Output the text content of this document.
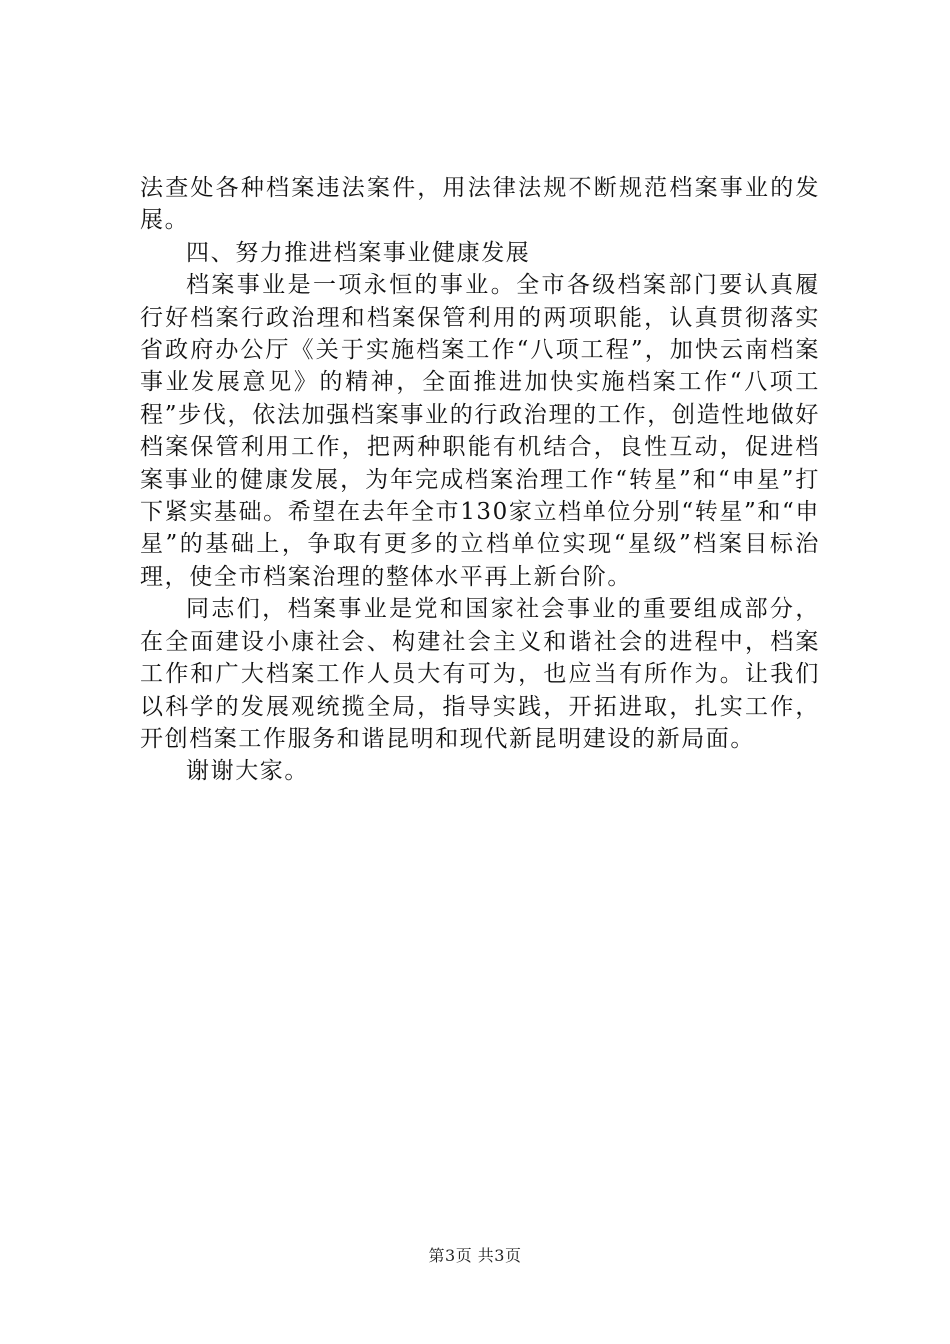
法查处各种档案违法案件，用法律法规不断规范档案事业的发展。

四、努力推进档案事业健康发展

档案事业是一项永恒的事业。全市各级档案部门要认真履行好档案行政治理和档案保管利用的两项职能，认真贯彻落实省政府办公厅《关于实施档案工作“八项工程”，加快云南档案事业发展意见》的精神，全面推进加快实施档案工作“八项工程”步伐，依法加强档案事业的行政治理的工作，创造性地做好档案保管利用工作，把两种职能有机结合，良性互动，促进档案事业的健康发展，为年完成档案治理工作“转星”和“申星”打下紧实基础。希望在去年全市130家立档单位分别“转星”和“申星”的基础上，争取有更多的立档单位实现“星级”档案目标治理，使全市档案治理的整体水平再上新台阶。

同志们，档案事业是党和国家社会事业的重要组成部分，在全面建设小康社会、构建社会主义和谐社会的进程中，档案工作和广大档案工作人员大有可为，也应当有所作为。让我们以科学的发展观统揽全局，指导实践，开拓进取，扎实工作，开创档案工作服务和谐昆明和现代新昆明建设的新局面。

谢谢大家。

第3页 共3页
